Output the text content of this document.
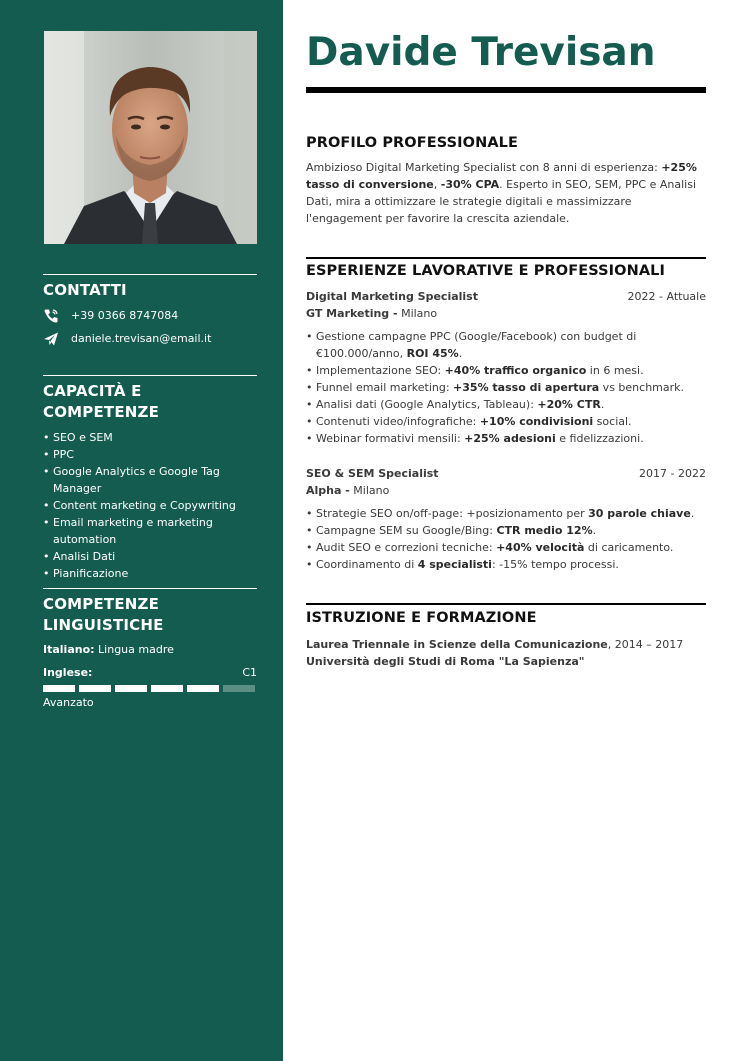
CONTATTI
+39 0366 8747084
daniele.trevisan@email.it
CAPACITÀ E COMPETENZE
• SEO e SEM
• PPC
• Google Analytics e Google Tag Manager
• Content marketing e Copywriting
• Email marketing e marketing automation
• Analisi Dati
• Pianificazione
COMPETENZE
LINGUISTICHE
Italiano: Lingua madre
Inglese:	C1
Avanzato
Davide Trevisan
PROFILO PROFESSIONALE
Ambizioso Digital Marketing Specialist con 8 anni di esperienza: +25% tasso di conversione, -30% CPA. Esperto in SEO, SEM, PPC e Analisi Dati, mira a ottimizzare le strategie digitali e massimizzare l'engagement per favorire la crescita aziendale.
ESPERIENZE LAVORATIVE E PROFESSIONALI
Digital Marketing Specialist	2022 - Attuale
GT Marketing - Milano
• Gestione campagne PPC (Google/Facebook) con budget di €100.000/anno, ROI 45%.
• Implementazione SEO: +40% traffico organico in 6 mesi.
• Funnel email marketing: +35% tasso di apertura vs benchmark.
• Analisi dati (Google Analytics, Tableau): +20% CTR.
• Contenuti video/infografiche: +10% condivisioni social.
• Webinar formativi mensili: +25% adesioni e fidelizzazioni.
SEO & SEM Specialist	2017 - 2022
Alpha - Milano
• Strategie SEO on/off-page: +posizionamento per 30 parole chiave.
• Campagne SEM su Google/Bing: CTR medio 12%.
• Audit SEO e correzioni tecniche: +40% velocità di caricamento.
• Coordinamento di 4 specialisti: -15% tempo processi.
ISTRUZIONE E FORMAZIONE
Laurea Triennale in Scienze della Comunicazione, 2014 – 2017
Università degli Studi di Roma "La Sapienza"
